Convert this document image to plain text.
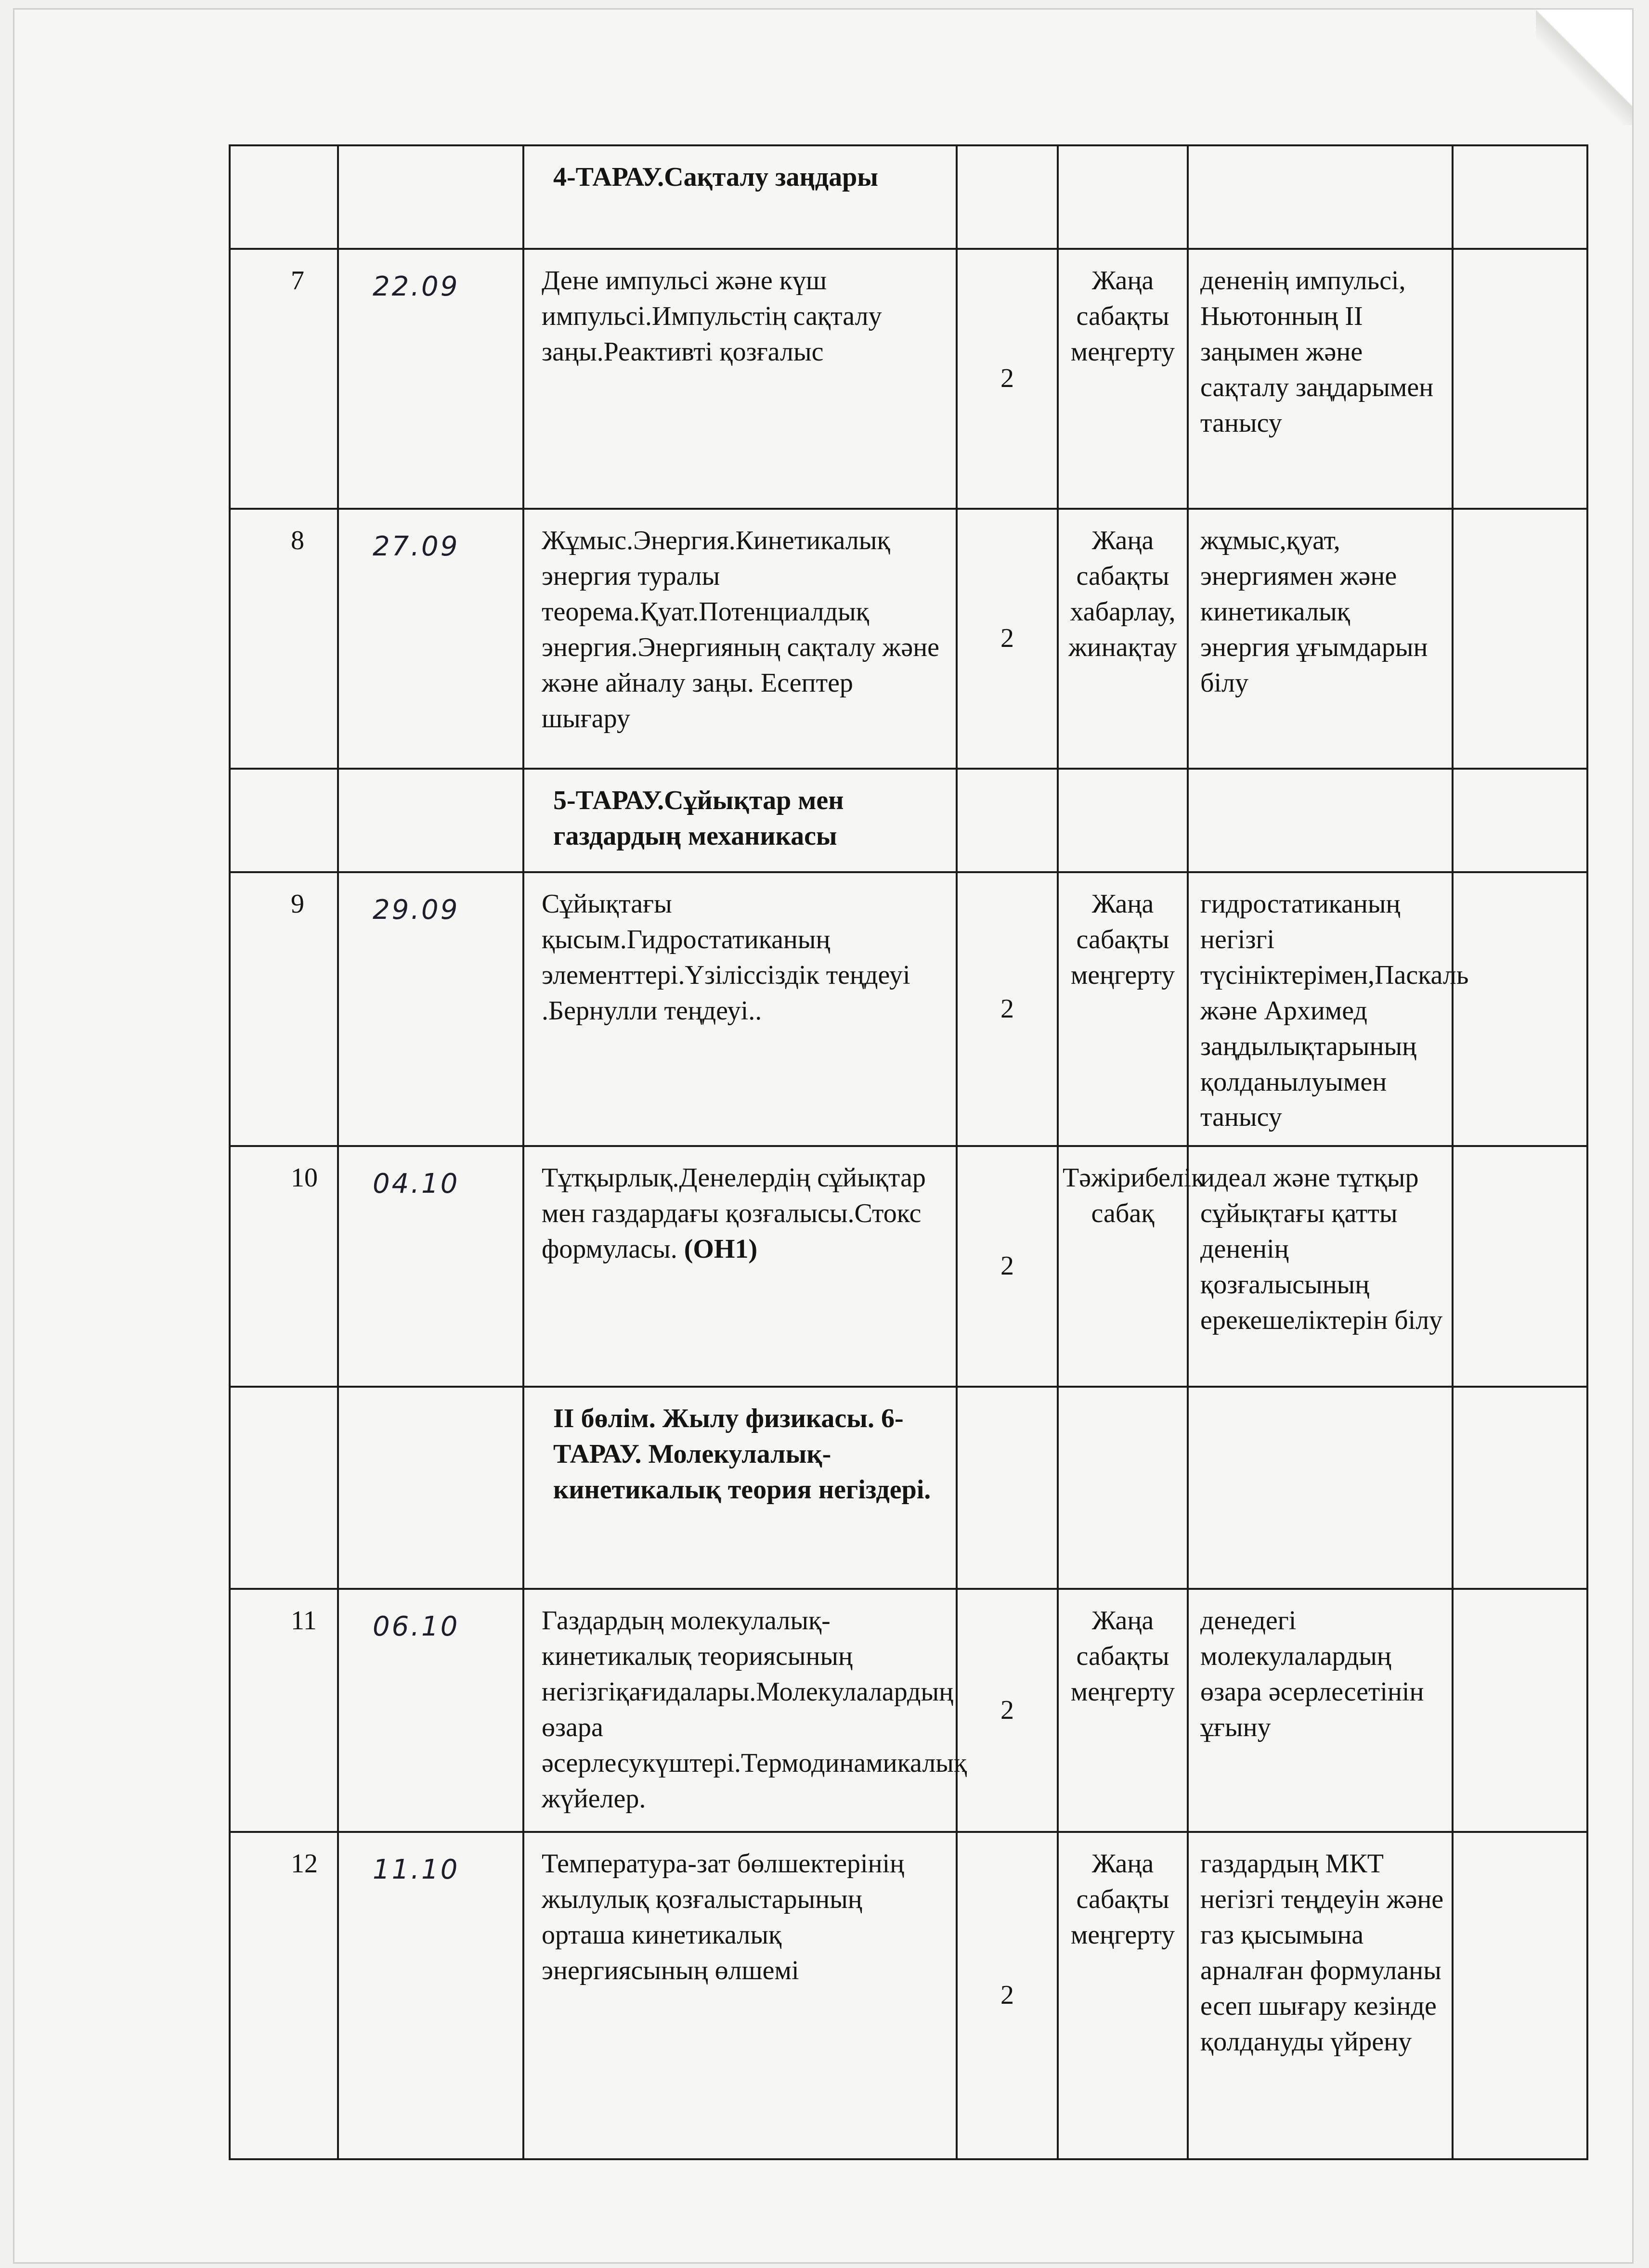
		4-ТАРАУ.Сақталу заңдары				
7	22.09	Дене импульсі және күш импульсі.Импульстің сақталу заңы.Реактивті қозғалыс	2	Жаңа сабақты меңгерту	дененің импульсі, Ньютонның ІІ заңымен және сақталу заңдарымен танысу	
8	27.09	Жұмыс.Энергия.Кинетикалық энергия туралы теорема.Қуат.Потенциалдық энергия.Энергияның сақталу және және айналу заңы. Есептер шығару	2	Жаңа сабақты хабарлау, жинақтау	жұмыс,қуат, энергиямен және кинетикалық энергия ұғымдарын білу	
		5-ТАРАУ.Сұйықтар мен газдардың механикасы				
9	29.09	Сұйықтағы қысым.Гидростатиканың элементтері.Үзіліссіздік теңдеуі .Бернулли теңдеуі..	2	Жаңа сабақты меңгерту	гидростатиканың негізгі түсініктерімен,Паскаль және Архимед заңдылықтарының қолданылуымен танысу	
10	04.10	Тұтқырлық.Денелердің сұйықтар мен газдардағы қозғалысы.Стокс формуласы. (ОН1)	2	Тәжірибелік сабақ	идеал және тұтқыр сұйықтағы қатты дененің қозғалысының ерекешеліктерін білу	
		ІІ бөлім. Жылу физикасы. 6- ТАРАУ. Молекулалық-кинетикалық теория негіздері.				
11	06.10	Газдардың молекулалық-кинетикалық теориясының негізгіқағидалары.Молекулалардың өзара әсерлесукүштері.Термодинамикалық жүйелер.	2	Жаңа сабақты меңгерту	денедегі молекулалардың өзара әсерлесетінін ұғыну	
12	11.10	Температура-зат бөлшектерінің жылулық қозғалыстарының орташа кинетикалық энергиясының өлшемі	2	Жаңа сабақты меңгерту	газдардың МКТ негізгі теңдеуін және газ қысымына арналған формуланы есеп шығару кезінде қолдануды үйрену	
